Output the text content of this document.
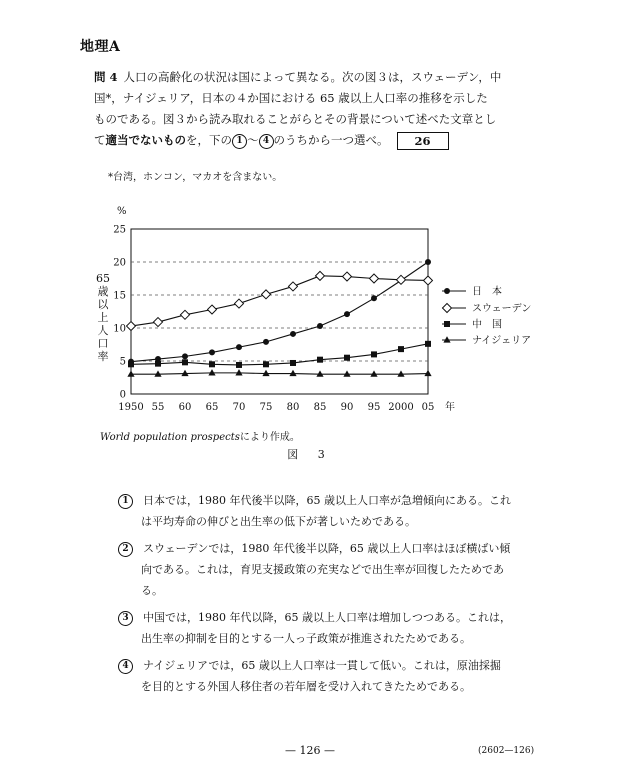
地理A
問 4 人口の高齢化の状況は国によって異なる。次の図３は，スウェーデン，中
国*，ナイジェリア，日本の４か国における 65 歳以上人口率の推移を示した
ものである。図３から読み取れることがらとその背景について述べた文章とし
て適当でないものを，下の 1 ～ 4 のうちから一つ選べ。 26
*台湾，ホンコン，マカオを含まない。
%
65歳以上人口率
0
5
10
15
20
25
1950 55 60 65 70 75 80 85 90 95 2000 05 年
日　本
スウェーデン
中　国
ナイジェリア
World population prospectsにより作成。
図 3
1 日本では，1980 年代後半以降，65 歳以上人口率が急増傾向にある。これ
は平均寿命の伸びと出生率の低下が著しいためである。
2 スウェーデンでは，1980 年代後半以降，65 歳以上人口率はほぼ横ばい傾
向である。これは，育児支援政策の充実などで出生率が回復したためであ
る。
3 中国では，1980 年代以降，65 歳以上人口率は増加しつつある。これは，
出生率の抑制を目的とする一人っ子政策が推進されたためである。
4 ナイジェリアでは，65 歳以上人口率は一貫して低い。これは，原油採掘
を目的とする外国人移住者の若年層を受け入れてきたためである。
— 126 —	(2602—126)
